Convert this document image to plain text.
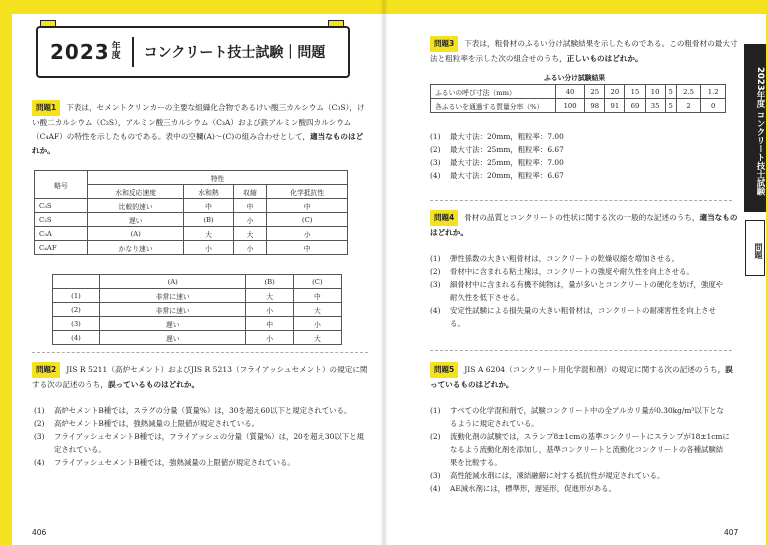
2023 年度 コンクリート技士試験｜問題
問題1 下表は，セメントクリンカーの主要な組織化合物であるけい酸三カルシウム（C₃S），けい酸二カルシウム（C₂S），アルミン酸三カルシウム（C₃A）および鉄アルミン酸四カルシウム（C₄AF）の特性を示したものである。表中の空欄(A)～(C)の組み合わせとして，適当なものはどれか。
略号	特性			
	水和反応速度	水和熱	収縮	化学抵抗性
C₃S	比較的速い	中	中	中
C₂S	遅い	(B)	小	(C)
C₃A	(A)	大	大	小
C₄AF	かなり速い	小	小	中
	(A)	(B)	(C)
(1)	非常に速い	大	中
(2)	非常に速い	小	大
(3)	遅い	中	小
(4)	遅い	小	大
問題2 JIS R 5211（高炉セメント）およびJIS R 5213（フライアッシュセメント）の規定に関する次の記述のうち，誤っているものはどれか。
(1)	高炉セメントB種では，スラグの分量（質量%）は，30を超え60以下と規定されている。
(2)	高炉セメントB種では，強熱減量の上限値が規定されている。
(3)	フライアッシュセメントB種では，フライアッシュの分量（質量%）は，20を超え30以下と規定されている。
(4)	フライアッシュセメントB種では，強熱減量の上限値が規定されている。
406
問題3 下表は，粗骨材のふるい分け試験結果を示したものである。この粗骨材の最大寸法と粗粒率を示した次の組合せのうち，正しいものはどれか。
ふるい分け試験結果
ふるいの呼び寸法（mm）	40	25	20	15	10	5	2.5	1.2
各ふるいを通過する質量分率（%）	100	98	91	69	35	5	2	0
(1)	最大寸法：20mm，粗粒率：7.00
(2)	最大寸法：25mm，粗粒率：6.67
(3)	最大寸法：25mm，粗粒率：7.00
(4)	最大寸法：20mm，粗粒率：6.67
問題4 骨材の品質とコンクリートの性状に関する次の一般的な記述のうち，適当なものはどれか。
(1)	弾性係数の大きい粗骨材は，コンクリートの乾燥収縮を増加させる。
(2)	骨材中に含まれる粘土塊は，コンクリートの強度や耐久性を向上させる。
(3)	細骨材中に含まれる有機不純物は，量が多いとコンクリートの硬化を妨げ，強度や耐久性を低下させる。
(4)	安定性試験による損失量の大きい粗骨材は，コンクリートの耐凍害性を向上させる。
問題5 JIS A 6204（コンクリート用化学混和剤）の規定に関する次の記述のうち，誤っているものはどれか。
(1)	すべての化学混和剤で，試験コンクリート中の全アルカリ量が0.30kg/m³以下となるように規定されている。
(2)	流動化剤の試験では，スランプ8±1cmの基準コンクリートにスランプが18±1cmになるよう流動化剤を添加し，基準コンクリートと流動化コンクリートの各種試験結果を比較する。
(3)	高性能減水剤には，凍結融解に対する抵抗性が規定されている。
(4)	AE減水剤には，標準形，遅延形，促進形がある。
407
2023年度 コンクリート技士試験
問題
